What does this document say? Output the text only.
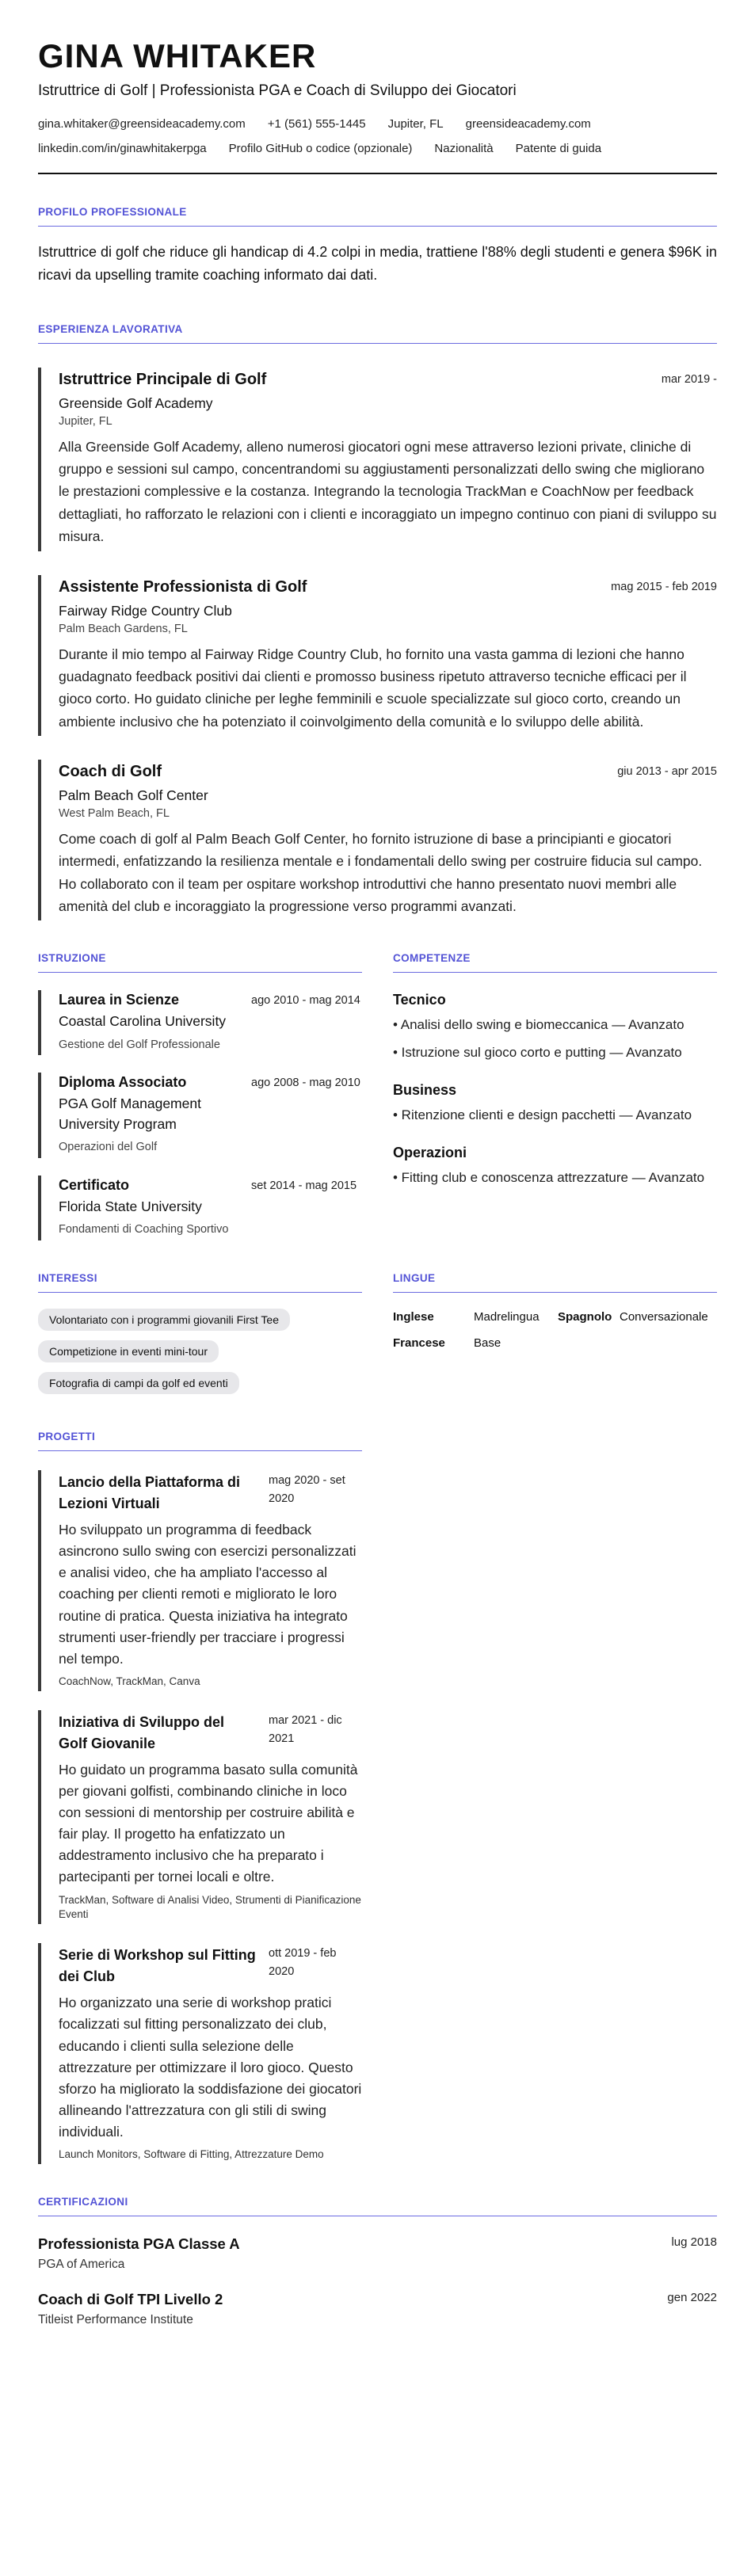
GINA WHITAKER
Istruttrice di Golf | Professionista PGA e Coach di Sviluppo dei Giocatori
gina.whitaker@greensideacademy.com +1 (561) 555-1445 Jupiter, FL greensideacademy.com
linkedin.com/in/ginawhitakerpga Profilo GitHub o codice (opzionale) Nazionalità Patente di guida
PROFILO PROFESSIONALE

Istruttrice di golf che riduce gli handicap di 4.2 colpi in media, trattiene l'88% degli studenti e genera $96K in ricavi da upselling tramite coaching informato dai dati.

ESPERIENZA LAVORATIVA
Istruttrice Principale di Golf	mar 2019 -
Greenside Golf Academy
Jupiter, FL

Alla Greenside Golf Academy, alleno numerosi giocatori ogni mese attraverso lezioni private, cliniche di gruppo e sessioni sul campo, concentrandomi su aggiustamenti personalizzati dello swing che migliorano le prestazioni complessive e la costanza. Integrando la tecnologia TrackMan e CoachNow per feedback dettagliati, ho rafforzato le relazioni con i clienti e incoraggiato un impegno continuo con piani di sviluppo su misura.

Assistente Professionista di Golf	mag 2015 - feb 2019
Fairway Ridge Country Club
Palm Beach Gardens, FL

Durante il mio tempo al Fairway Ridge Country Club, ho fornito una vasta gamma di lezioni che hanno guadagnato feedback positivi dai clienti e promosso business ripetuto attraverso tecniche efficaci per il gioco corto. Ho guidato cliniche per leghe femminili e scuole specializzate sul gioco corto, creando un ambiente inclusivo che ha potenziato il coinvolgimento della comunità e lo sviluppo delle abilità.

Coach di Golf	giu 2013 - apr 2015
Palm Beach Golf Center
West Palm Beach, FL

Come coach di golf al Palm Beach Golf Center, ho fornito istruzione di base a principianti e giocatori intermedi, enfatizzando la resilienza mentale e i fondamentali dello swing per costruire fiducia sul campo. Ho collaborato con il team per ospitare workshop introduttivi che hanno presentato nuovi membri alle amenità del club e incoraggiato la progressione verso programmi avanzati.

ISTRUZIONE
Laurea in Scienze
Coastal Carolina University
Gestione del Golf Professionale
ago 2010 - mag 2014
Diploma Associato
PGA Golf Management University Program
Operazioni del Golf
ago 2008 - mag 2010
Certificato
Florida State University
Fondamenti di Coaching Sportivo
set 2014 - mag 2015
COMPETENZE
Tecnico
• Analisi dello swing e biomeccanica — Avanzato
• Istruzione sul gioco corto e putting — Avanzato
Business
• Ritenzione clienti e design pacchetti — Avanzato
Operazioni
• Fitting club e conoscenza attrezzature — Avanzato
INTERESSI
Volontariato con i programmi giovanili First Tee
Competizione in eventi mini-tour
Fotografia di campi da golf ed eventi
LINGUE
Inglese	Madrelingua	Spagnolo Conversazionale
Francese	Base
PROGETTI
Lancio della Piattaforma di Lezioni Virtuali
mag 2020 - set 2020

Ho sviluppato un programma di feedback asincrono sullo swing con esercizi personalizzati e analisi video, che ha ampliato l'accesso al coaching per clienti remoti e migliorato le loro routine di pratica. Questa iniziativa ha integrato strumenti user-friendly per tracciare i progressi nel tempo.

CoachNow, TrackMan, Canva
Iniziativa di Sviluppo del Golf Giovanile
mar 2021 - dic 2021

Ho guidato un programma basato sulla comunità per giovani golfisti, combinando cliniche in loco con sessioni di mentorship per costruire abilità e fair play. Il progetto ha enfatizzato un addestramento inclusivo che ha preparato i partecipanti per tornei locali e oltre.

TrackMan, Software di Analisi Video, Strumenti di Pianificazione Eventi
Serie di Workshop sul Fitting dei Club
ott 2019 - feb 2020

Ho organizzato una serie di workshop pratici focalizzati sul fitting personalizzato dei club, educando i clienti sulla selezione delle attrezzature per ottimizzare il loro gioco. Questo sforzo ha migliorato la soddisfazione dei giocatori allineando l'attrezzatura con gli stili di swing individuali.

Launch Monitors, Software di Fitting, Attrezzature Demo
CERTIFICAZIONI
Professionista PGA Classe A
PGA of America
lug 2018
Coach di Golf TPI Livello 2
Titleist Performance Institute
gen 2022
